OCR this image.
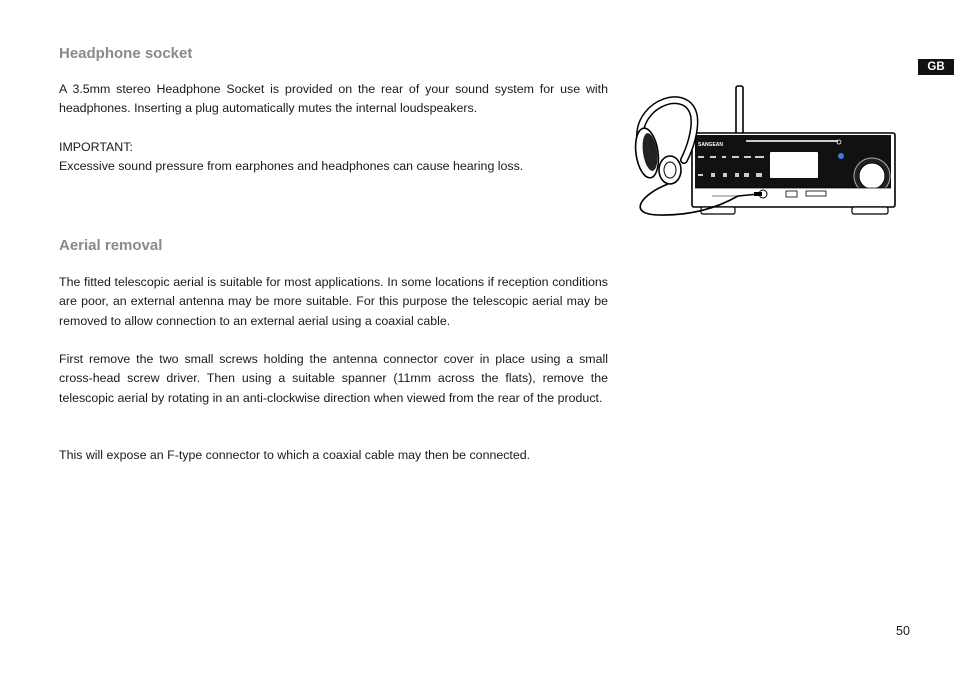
GB
Headphone socket

A 3.5mm stereo Headphone Socket is provided on the rear of your sound system for use with headphones. Inserting a plug automatically mutes the internal loudspeakers.

IMPORTANT:

Excessive sound pressure from earphones and headphones can cause hearing loss.

Aerial removal

The fitted telescopic aerial is suitable for most applications. In some locations if reception conditions are poor, an external antenna may be more suitable. For this purpose the telescopic aerial may be removed to allow connection to an external aerial using a coaxial cable.

First remove the two small screws holding the antenna connector cover in place using a small cross-head screw driver. Then using a suitable spanner (11mm across the flats), remove the telescopic aerial by rotating in an anti-clockwise direction when viewed from the rear of the product.

This will expose an F-type connector to which a coaxial cable may then be connected.

SANGEAN
50
